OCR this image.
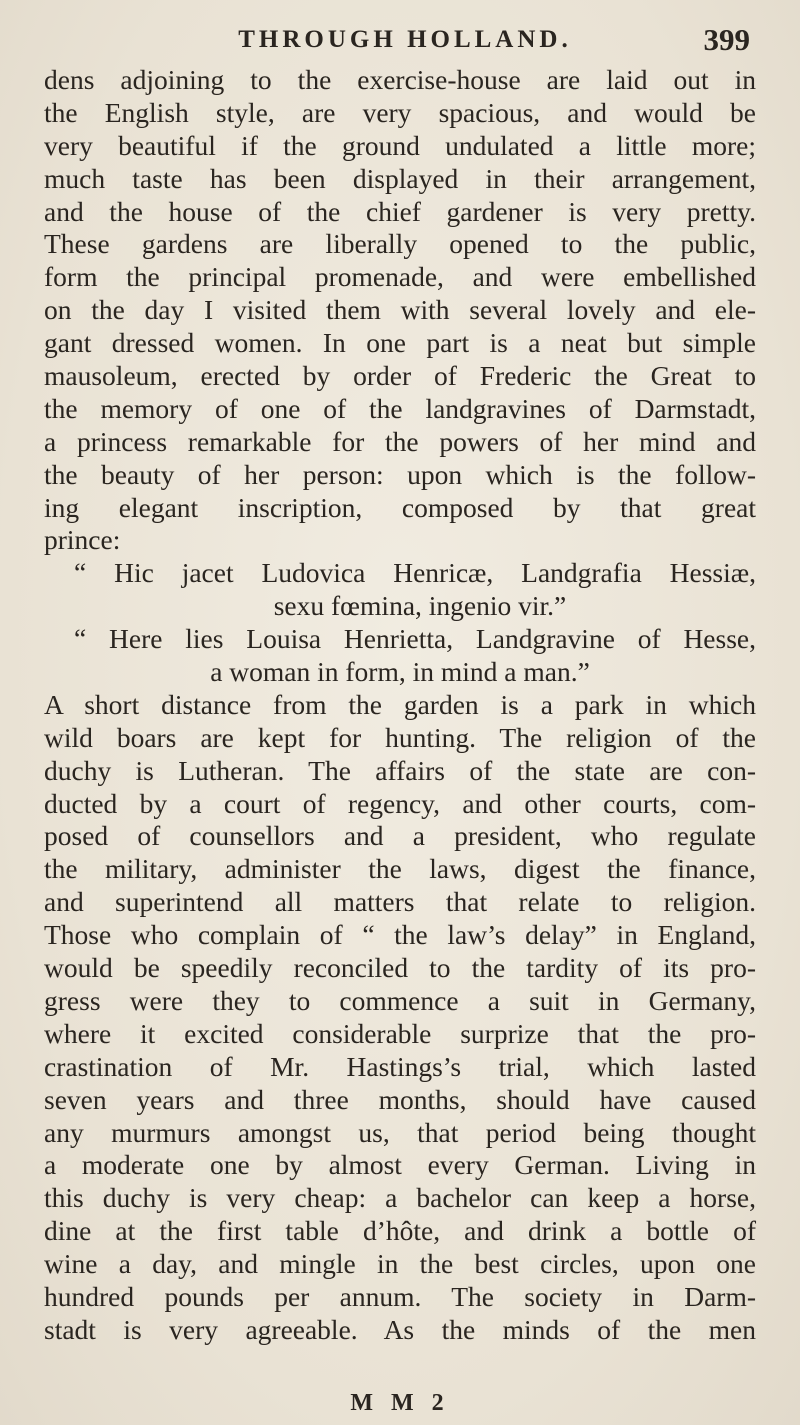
THROUGH HOLLAND.	399
dens adjoining to the exercise-house are laid out in
the English style, are very spacious, and would be
very beautiful if the ground undulated a little more;
much taste has been displayed in their arrangement,
and the house of the chief gardener is very pretty.
These gardens are liberally opened to the public,
form the principal promenade, and were embellished
on the day I visited them with several lovely and ele-
gant dressed women. In one part is a neat but simple
mausoleum, erected by order of Frederic the Great to
the memory of one of the landgravines of Darmstadt,
a princess remarkable for the powers of her mind and
the beauty of her person: upon which is the follow-
ing elegant inscription, composed by that great
prince:
“ Hic jacet Ludovica Henricæ, Landgrafia Hessiæ,
sexu fœmina, ingenio vir.”
“ Here lies Louisa Henrietta, Landgravine of Hesse,
a woman in form, in mind a man.”
A short distance from the garden is a park in which
wild boars are kept for hunting. The religion of the
duchy is Lutheran. The affairs of the state are con-
ducted by a court of regency, and other courts, com-
posed of counsellors and a president, who regulate
the military, administer the laws, digest the finance,
and superintend all matters that relate to religion.
Those who complain of “ the law’s delay” in England,
would be speedily reconciled to the tardity of its pro-
gress were they to commence a suit in Germany,
where it excited considerable surprize that the pro-
crastination of Mr. Hastings’s trial, which lasted
seven years and three months, should have caused
any murmurs amongst us, that period being thought
a moderate one by almost every German. Living in
this duchy is very cheap: a bachelor can keep a horse,
dine at the first table d’hôte, and drink a bottle of
wine a day, and mingle in the best circles, upon one
hundred pounds per annum. The society in Darm-
stadt is very agreeable. As the minds of the men
M M 2
